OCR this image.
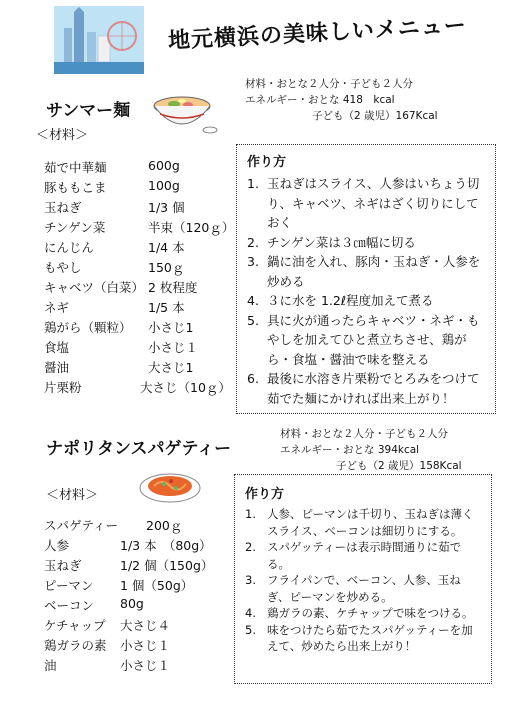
地元横浜の美味しいメニュー
サンマー麺
材料・おとな２人分・子ども２人分
エネルギー・おとな 418　kcal
子ども（2 歳児）167Kcal
＜材料＞
茹で中華麺	600g
豚ももこま	100g
玉ねぎ	1/3 個
チンゲン菜	半束（120ｇ）
にんじん	1/4 本
もやし	150ｇ
キャベツ（白菜） 2 枚程度
ネギ	1/5 本
鶏がら（顆粒） 小さじ1
食塩	小さじ１
醤油	大さじ1
片栗粉	大さじ（10ｇ）
作り方
1. 玉ねぎはスライス、人参はいちょう切り、キャベツ、ネギはざく切りにしておく
2. チンゲン菜は３㎝幅に切る
3. 鍋に油を入れ、豚肉・玉ねぎ・人参を炒める
4. ３に水を 1.2ℓ程度加えて煮る
5. 具に火が通ったらキャベツ・ネギ・もやしを加えてひと煮立ちさせ、鶏がら・食塩・醤油で味を整える
6. 最後に水溶き片栗粉でとろみをつけて茹でた麺にかければ出来上がり！
ナポリタンスパゲティー
材料・おとな２人分・子ども２人分
エネルギー・おとな 394kcal
子ども（2 歳児）158Kcal
＜材料＞
スパゲティー 200ｇ
人参	1/3 本　（80g）
玉ねぎ	1/2 個（150g）
ピーマン 1 個（50g）
ベーコン 80g
ケチャップ 大さじ４
鶏ガラの素 小さじ１
油	小さじ１
作り方
1. 人参、ピーマンは千切り、玉ねぎは薄くスライス、ベーコンは細切りにする。
2. スパゲッティーは表示時間通りに茹でる。
3. フライパンで、ベーコン、人参、玉ねぎ、ピーマンを炒める。
4. 鶏ガラの素、ケチャップで味をつける。
5. 味をつけたら茹でたスパゲッティーを加えて、炒めたら出来上がり！
